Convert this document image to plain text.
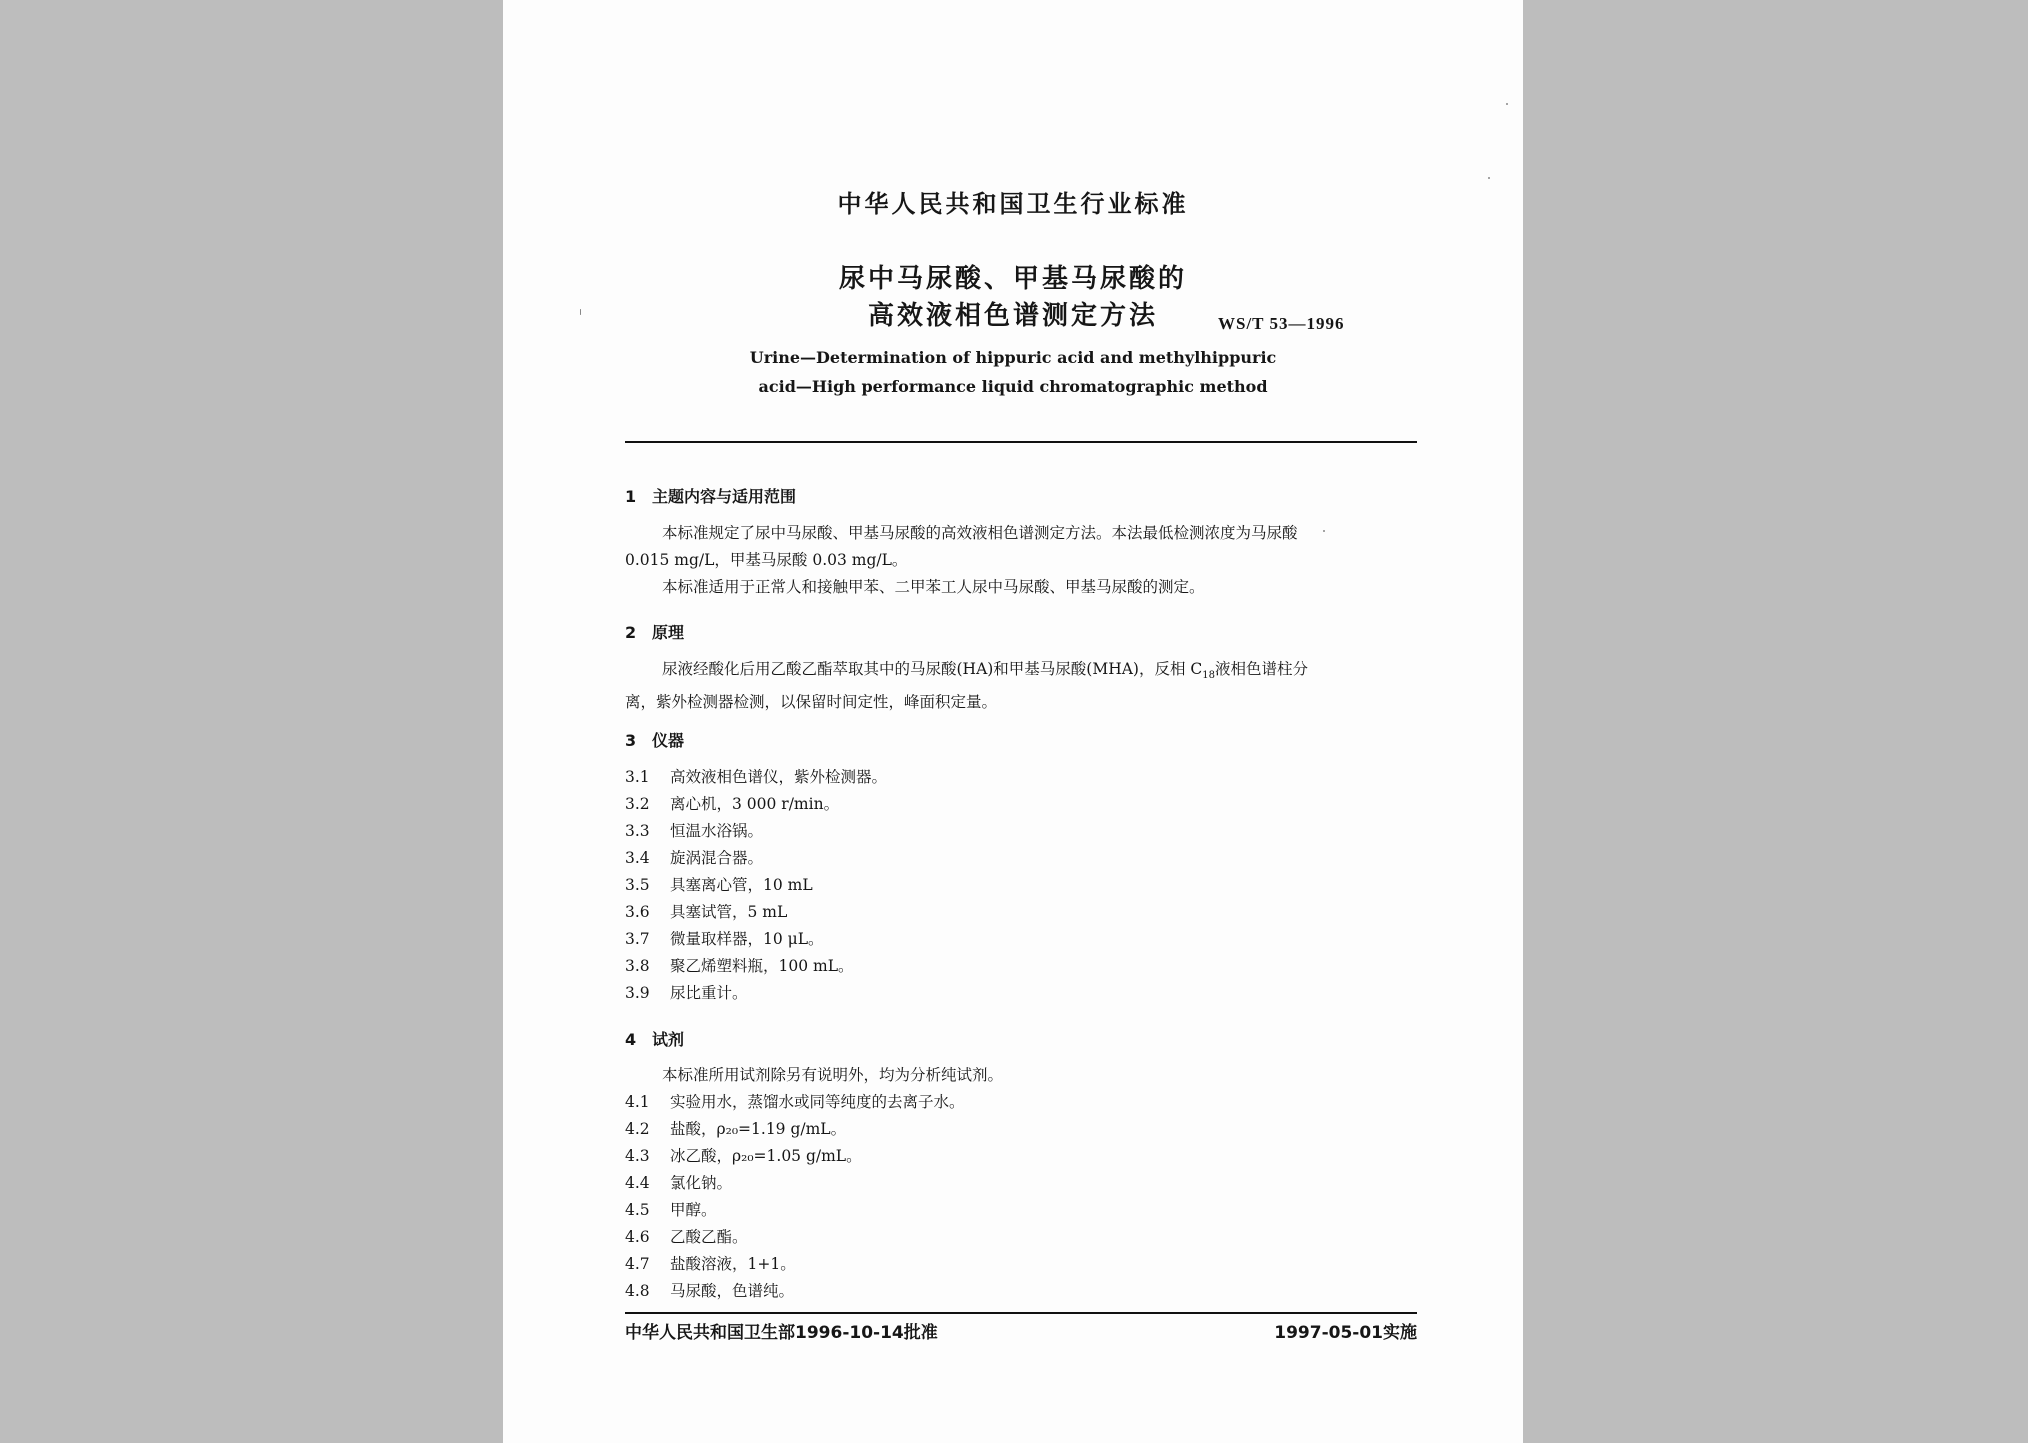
中华人民共和国卫生行业标准
尿中马尿酸、甲基马尿酸的
高效液相色谱测定方法	WS/T 53—1996
Urine—Determination of hippuric acid and methylhippuric
acid—High performance liquid chromatographic method
1 主题内容与适用范围
本标准规定了尿中马尿酸、甲基马尿酸的高效液相色谱测定方法。本法最低检测浓度为马尿酸
0.015 mg/L，甲基马尿酸 0.03 mg/L。
本标准适用于正常人和接触甲苯、二甲苯工人尿中马尿酸、甲基马尿酸的测定。
2 原理
尿液经酸化后用乙酸乙酯萃取其中的马尿酸(HA)和甲基马尿酸(MHA)，反相 $C_{18}$液相色谱柱分
离，紫外检测器检测，以保留时间定性，峰面积定量。
3 仪器
3.1 高效液相色谱仪，紫外检测器。
3.2 离心机，3 000 r/min。
3.3 恒温水浴锅。
3.4 旋涡混合器。
3.5 具塞离心管，10 mL
3.6 具塞试管，5 mL
3.7 微量取样器，10 μL。
3.8 聚乙烯塑料瓶，100 mL。
3.9 尿比重计。
4 试剂
本标准所用试剂除另有说明外，均为分析纯试剂。
4.1 实验用水，蒸馏水或同等纯度的去离子水。
4.2 盐酸，ρ₂₀=1.19 g/mL。
4.3 冰乙酸，ρ₂₀=1.05 g/mL。
4.4 氯化钠。
4.5 甲醇。
4.6 乙酸乙酯。
4.7 盐酸溶液，1+1。
4.8 马尿酸，色谱纯。
中华人民共和国卫生部1996-10-14批准	1997-05-01实施
